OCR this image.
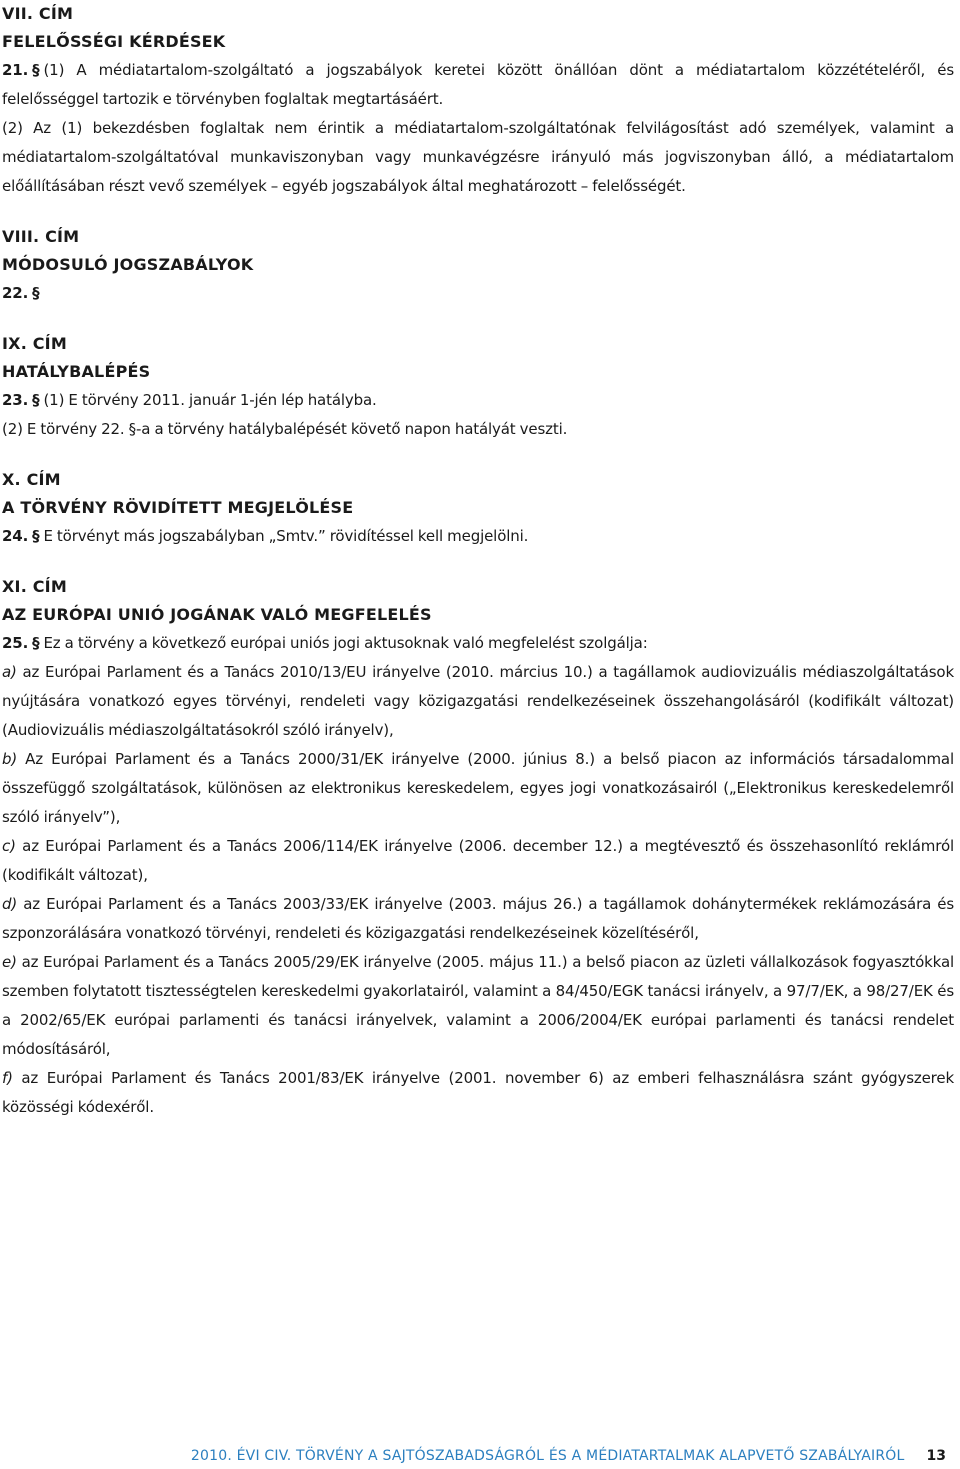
VII. CÍM
FELELŐSSÉGI KÉRDÉSEK

21. § (1) A médiatartalom-szolgáltató a jogszabályok keretei között önállóan dönt a médiatartalom közzétételéről, és felelősséggel tartozik e törvényben foglaltak megtartásáért.

(2) Az (1) bekezdésben foglaltak nem érintik a médiatartalom-szolgáltatónak felvilágosítást adó személyek, valamint a médiatartalom-szolgáltatóval munkaviszonyban vagy munkavégzésre irányuló más jogviszonyban álló, a médiatartalom előállításában részt vevő személyek – egyéb jogszabályok által meghatározott – felelősségét.

VIII. CÍM
MÓDOSULÓ JOGSZABÁLYOK

22. §

IX. CÍM
HATÁLYBALÉPÉS

23. § (1) E törvény 2011. január 1-jén lép hatályba.

(2) E törvény 22. §-a a törvény hatálybalépését követő napon hatályát veszti.

X. CÍM
A TÖRVÉNY RÖVIDÍTETT MEGJELÖLÉSE

24. § E törvényt más jogszabályban „Smtv.” rövidítéssel kell megjelölni.

XI. CÍM
AZ EURÓPAI UNIÓ JOGÁNAK VALÓ MEGFELELÉS

25. § Ez a törvény a következő európai uniós jogi aktusoknak való megfelelést szolgálja:

a) az Európai Parlament és a Tanács 2010/13/EU irányelve (2010. március 10.) a tagállamok audiovizuális médiaszolgáltatások nyújtására vonatkozó egyes törvényi, rendeleti vagy közigazgatási rendelkezéseinek összehangolásáról (kodifikált változat) (Audiovizuális médiaszolgáltatásokról szóló irányelv),

b) Az Európai Parlament és a Tanács 2000/31/EK irányelve (2000. június 8.) a belső piacon az információs társadalommal összefüggő szolgáltatások, különösen az elektronikus kereskedelem, egyes jogi vonatkozásairól („Elektronikus kereskedelemről szóló irányelv”),

c) az Európai Parlament és a Tanács 2006/114/EK irányelve (2006. december 12.) a megtévesztő és összehasonlító reklámról (kodifikált változat),

d) az Európai Parlament és a Tanács 2003/33/EK irányelve (2003. május 26.) a tagállamok dohánytermékek reklámozására és szponzorálására vonatkozó törvényi, rendeleti és közigazgatási rendelkezéseinek közelítéséről,

e) az Európai Parlament és a Tanács 2005/29/EK irányelve (2005. május 11.) a belső piacon az üzleti vállalkozások fogyasztókkal szemben folytatott tisztességtelen kereskedelmi gyakorlatairól, valamint a 84/450/EGK tanácsi irányelv, a 97/7/EK, a 98/27/EK és a 2002/65/EK európai parlamenti és tanácsi irányelvek, valamint a 2006/2004/EK európai parlamenti és tanácsi rendelet módosításáról,

f) az Európai Parlament és Tanács 2001/83/EK irányelve (2001. november 6) az emberi felhasználásra szánt gyógyszerek közösségi kódexéről.

2010. ÉVI CIV. TÖRVÉNY A SAJTÓSZABADSÁGRÓL ÉS A MÉDIATARTALMAK ALAPVETŐ SZABÁLYAIRÓL 13
